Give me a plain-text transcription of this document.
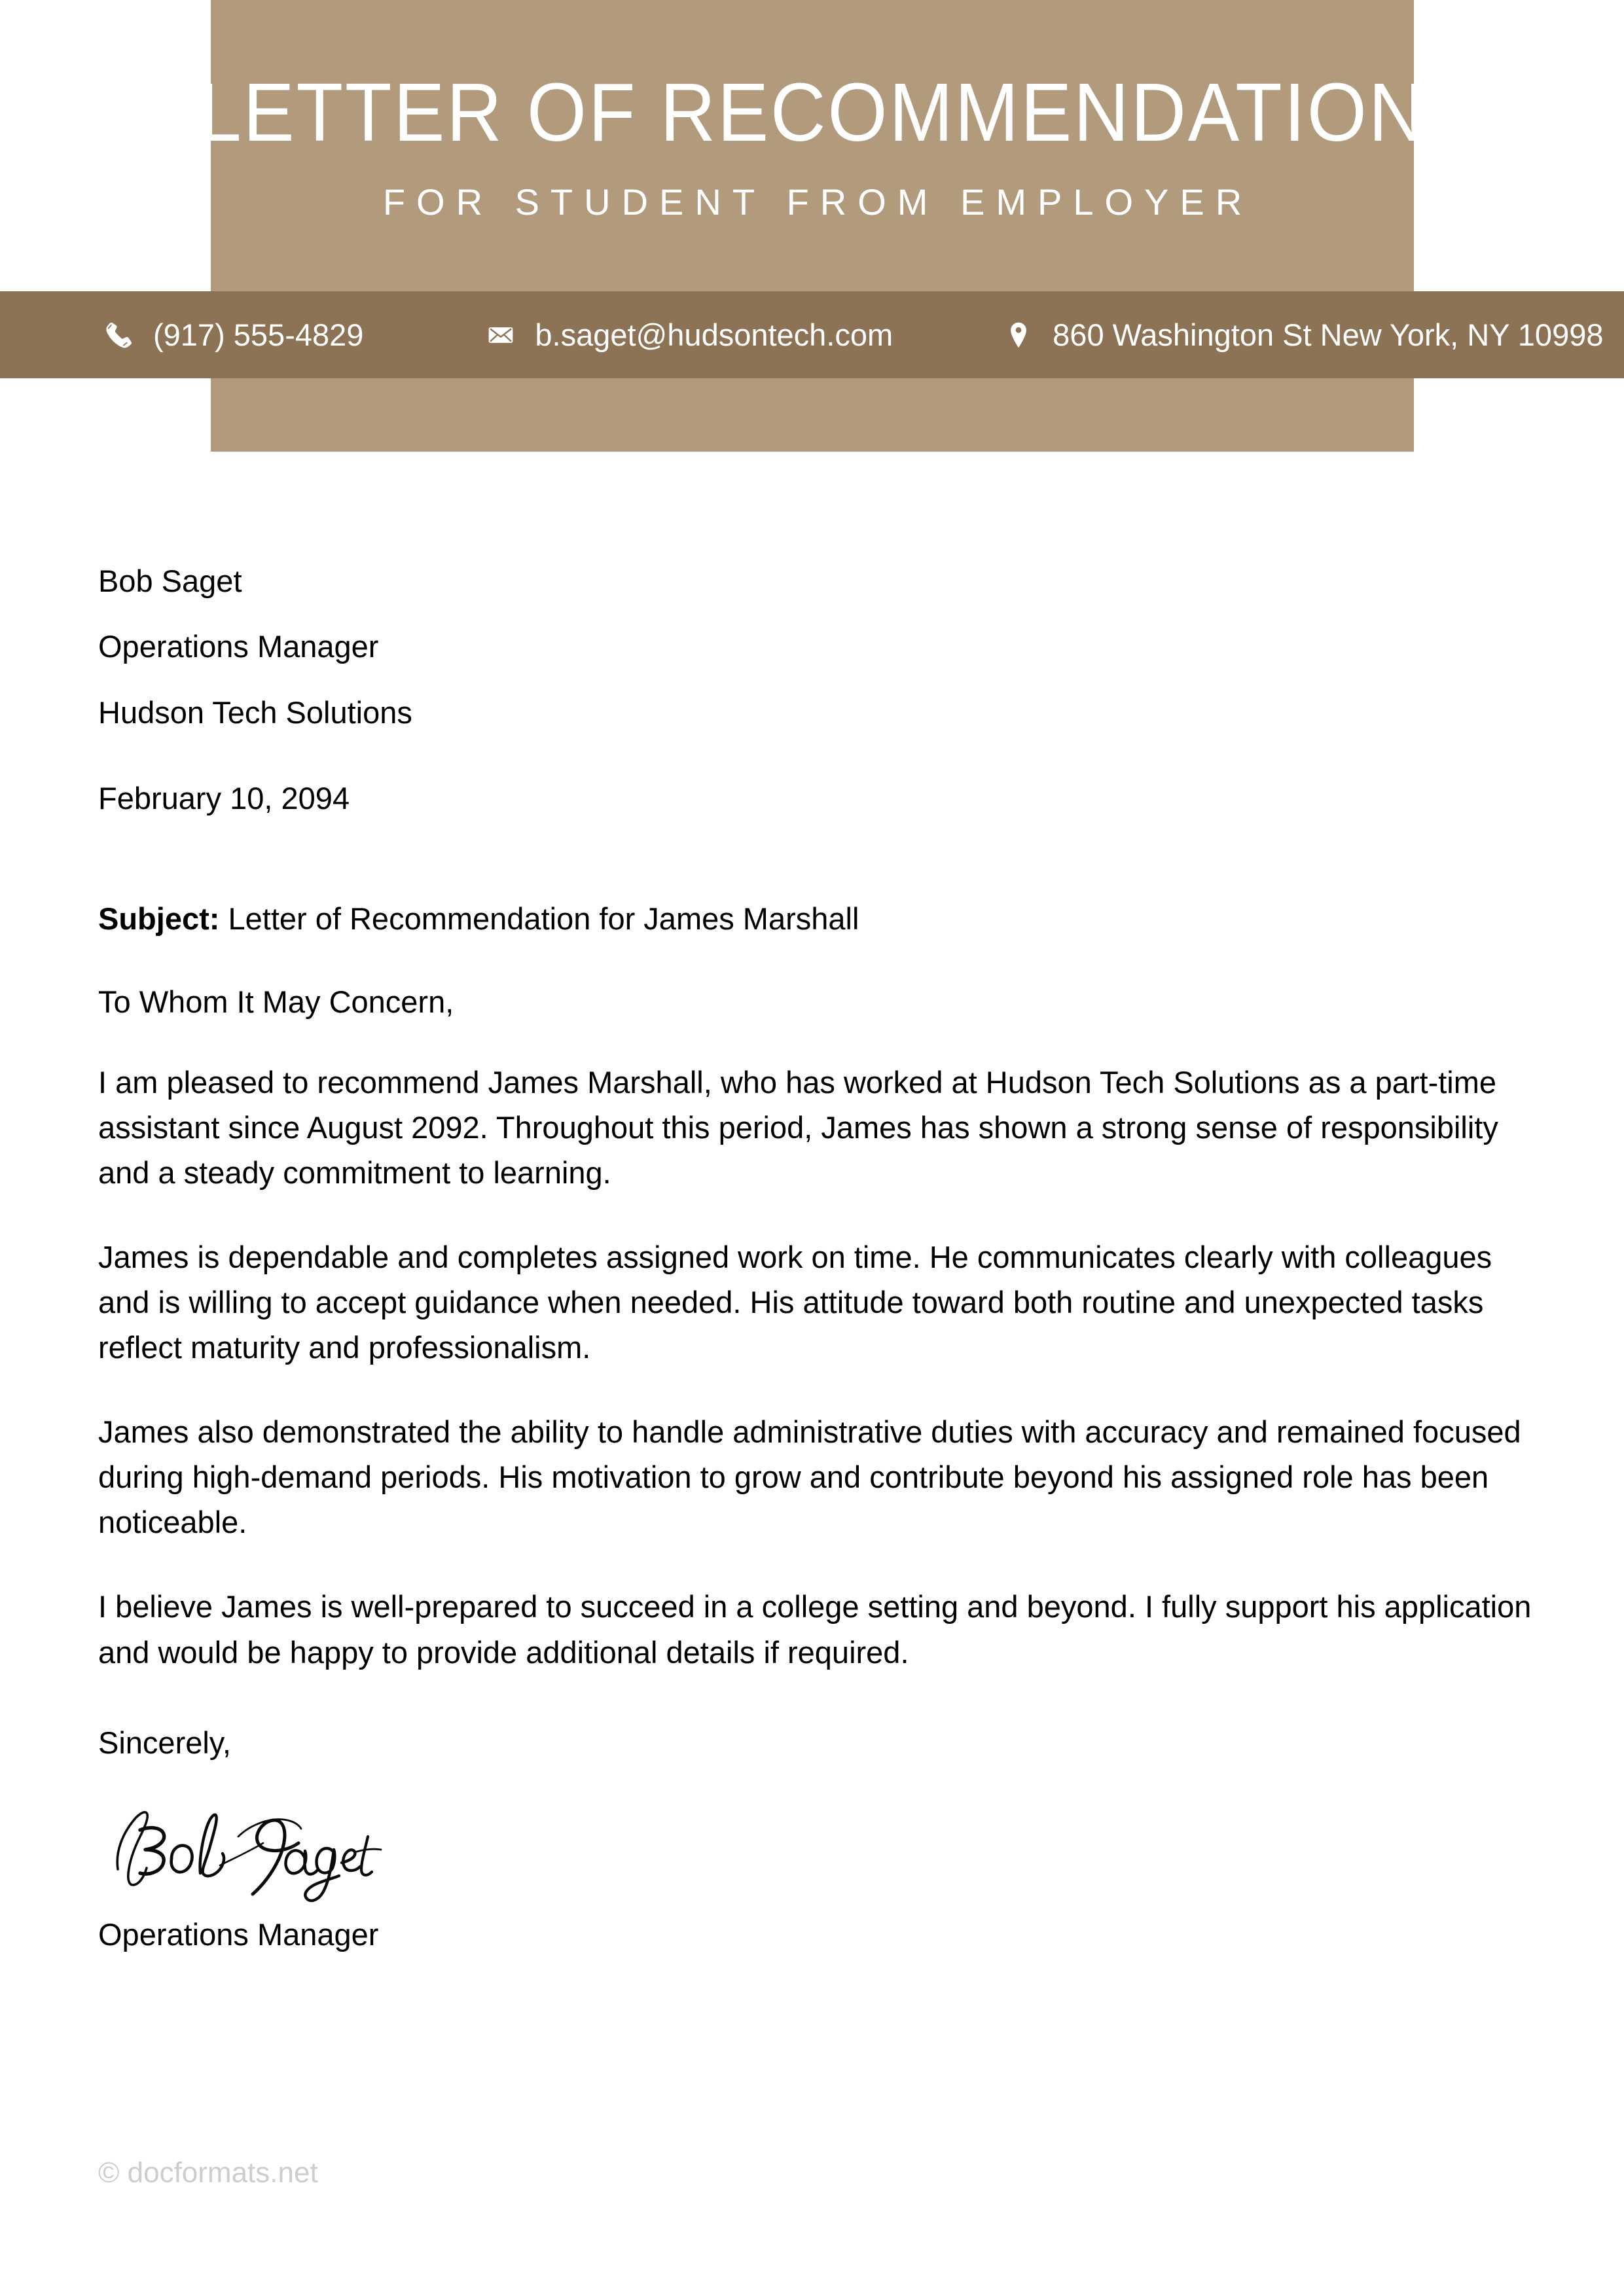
LETTER OF RECOMMENDATION
FOR STUDENT FROM EMPLOYER
(917) 555-4829	b.saget@hudsontech.com	860 Washington St New York, NY 10998
Bob Saget
Operations Manager
Hudson Tech Solutions
February 10, 2094
Subject: Letter of Recommendation for James Marshall
To Whom It May Concern,

I am pleased to recommend James Marshall, who has worked at Hudson Tech Solutions as a part-time assistant since August 2092. Throughout this period, James has shown a strong sense of responsibility and a steady commitment to learning.

James is dependable and completes assigned work on time. He communicates clearly with colleagues and is willing to accept guidance when needed. His attitude toward both routine and unexpected tasks reflect maturity and professionalism.

James also demonstrated the ability to handle administrative duties with accuracy and remained focused during high-demand periods. His motivation to grow and contribute beyond his assigned role has been noticeable.

I believe James is well-prepared to succeed in a college setting and beyond. I fully support his application and would be happy to provide additional details if required.

Sincerely,
Operations Manager
© docformats.net
